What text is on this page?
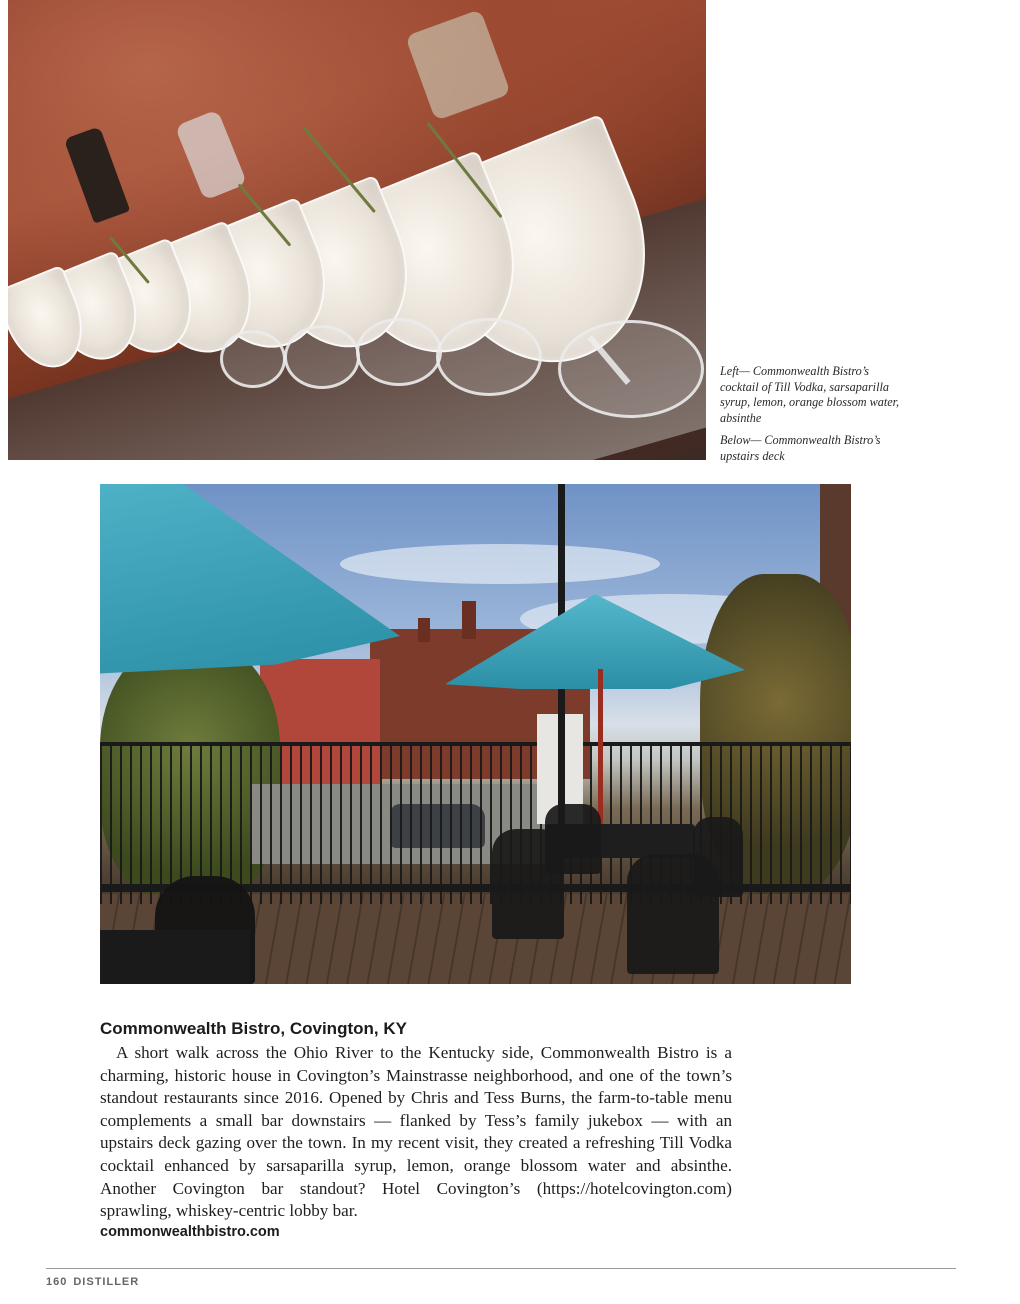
Left— Commonwealth Bistro’s cocktail of Till Vodka, sarsaparilla syrup, lemon, orange blossom water, absinthe
Below— Commonwealth Bistro’s upstairs deck
Commonwealth Bistro, Covington, KY

A short walk across the Ohio River to the Kentucky side, Commonwealth Bistro is a charming, historic house in Covington’s Mainstrasse neighborhood, and one of the town’s standout restaurants since 2016. Opened by Chris and Tess Burns, the farm-to-table menu complements a small bar downstairs — flanked by Tess’s family jukebox — with an upstairs deck gazing over the town. In my recent visit, they created a refreshing Till Vodka cocktail enhanced by sarsaparilla syrup, lemon, orange blossom water and absinthe. Another Covington bar standout? Hotel Covington’s (https://hotelcovington.com) sprawling, whiskey-centric lobby bar.

commonwealthbistro.com
160 DISTILLER
